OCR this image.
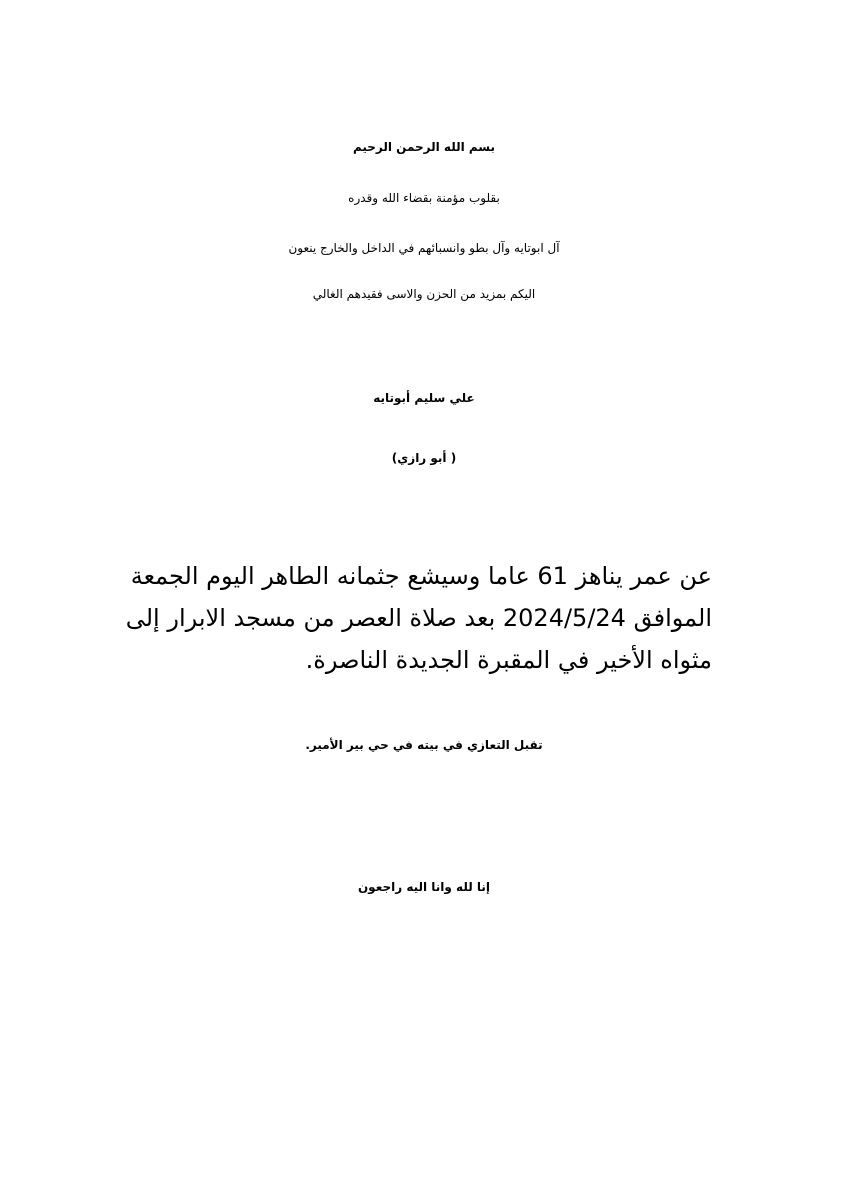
بسم الله الرحمن الرحيم
بقلوب مؤمنة بقضاء الله وقدره
آل ابوتايه وآل بطو وانسبائهم في الداخل والخارج ينعون
اليكم بمزيد من الحزن والاسى فقيدهم الغالي
علي سليم أبوتايه
( أبو رازي)
عن عمر يناهز 61 عاما وسيشع جثمانه الطاهر اليوم الجمعة
الموافق 2024/5/24 بعد صلاة العصر من مسجد الابرار إلى
مثواه الأخير في المقبرة الجديدة الناصرة.
تقبل التعازي في بيته في حي بير الأمير.
إنا لله وانا اليه راجعون
